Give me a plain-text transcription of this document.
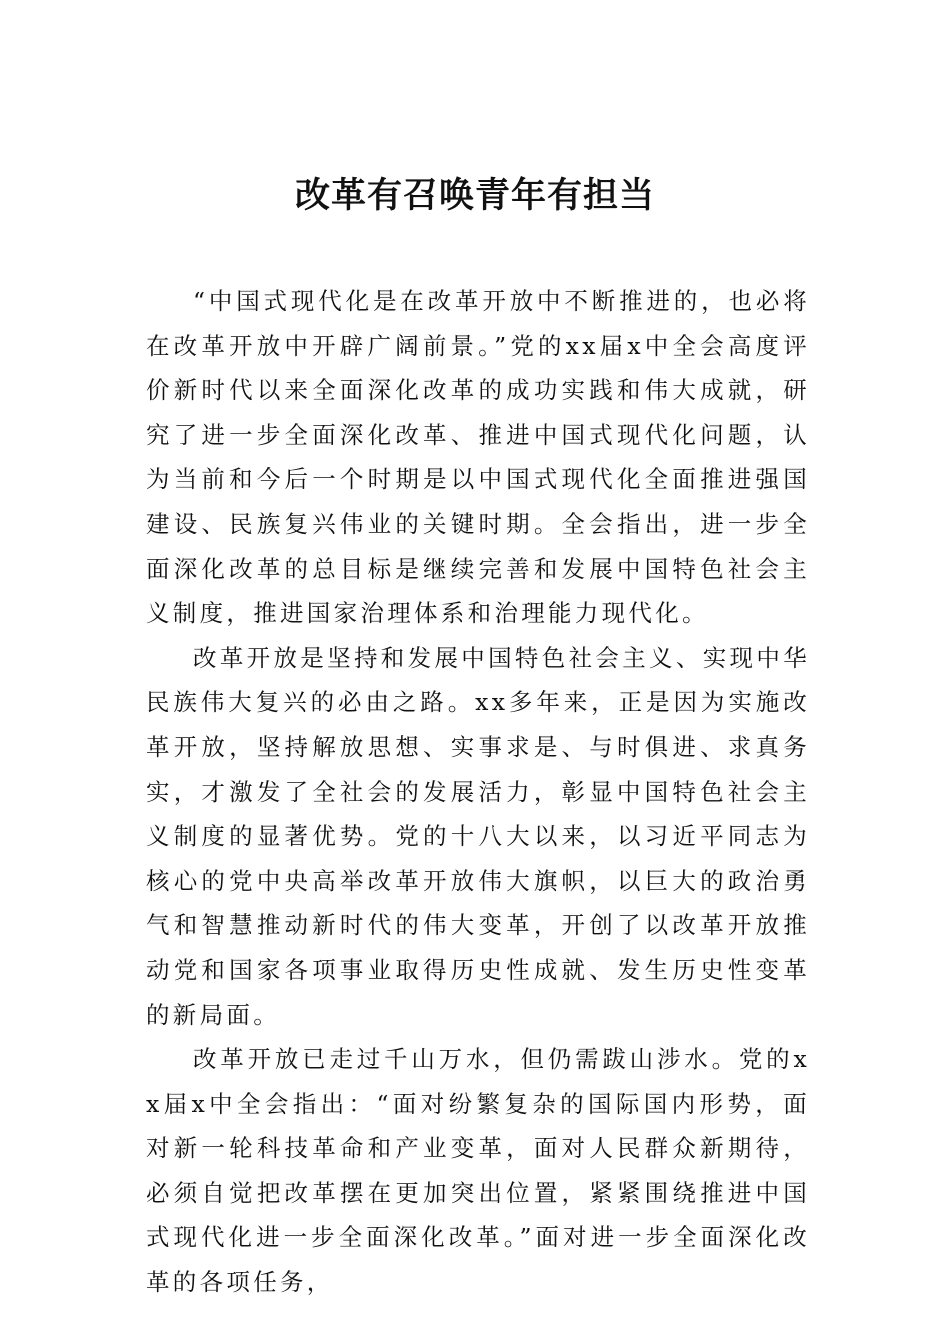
改革有召唤青年有担当

“中国式现代化是在改革开放中不断推进的，也必将在改革开放中开辟广阔前景。”党的xx届x中全会高度评价新时代以来全面深化改革的成功实践和伟大成就，研究了进一步全面深化改革、推进中国式现代化问题，认为当前和今后一个时期是以中国式现代化全面推进强国建设、民族复兴伟业的关键时期。全会指出，进一步全面深化改革的总目标是继续完善和发展中国特色社会主义制度，推进国家治理体系和治理能力现代化。

改革开放是坚持和发展中国特色社会主义、实现中华民族伟大复兴的必由之路。xx多年来，正是因为实施改革开放，坚持解放思想、实事求是、与时俱进、求真务实，才激发了全社会的发展活力，彰显中国特色社会主义制度的显著优势。党的十八大以来，以习近平同志为核心的党中央高举改革开放伟大旗帜，以巨大的政治勇气和智慧推动新时代的伟大变革，开创了以改革开放推动党和国家各项事业取得历史性成就、发生历史性变革的新局面。

改革开放已走过千山万水，但仍需跋山涉水。党的xx届x中全会指出：“面对纷繁复杂的国际国内形势，面对新一轮科技革命和产业变革，面对人民群众新期待，必须自觉把改革摆在更加突出位置，紧紧围绕推进中国式现代化进一步全面深化改革。”面对进一步全面深化改革的各项任务，
